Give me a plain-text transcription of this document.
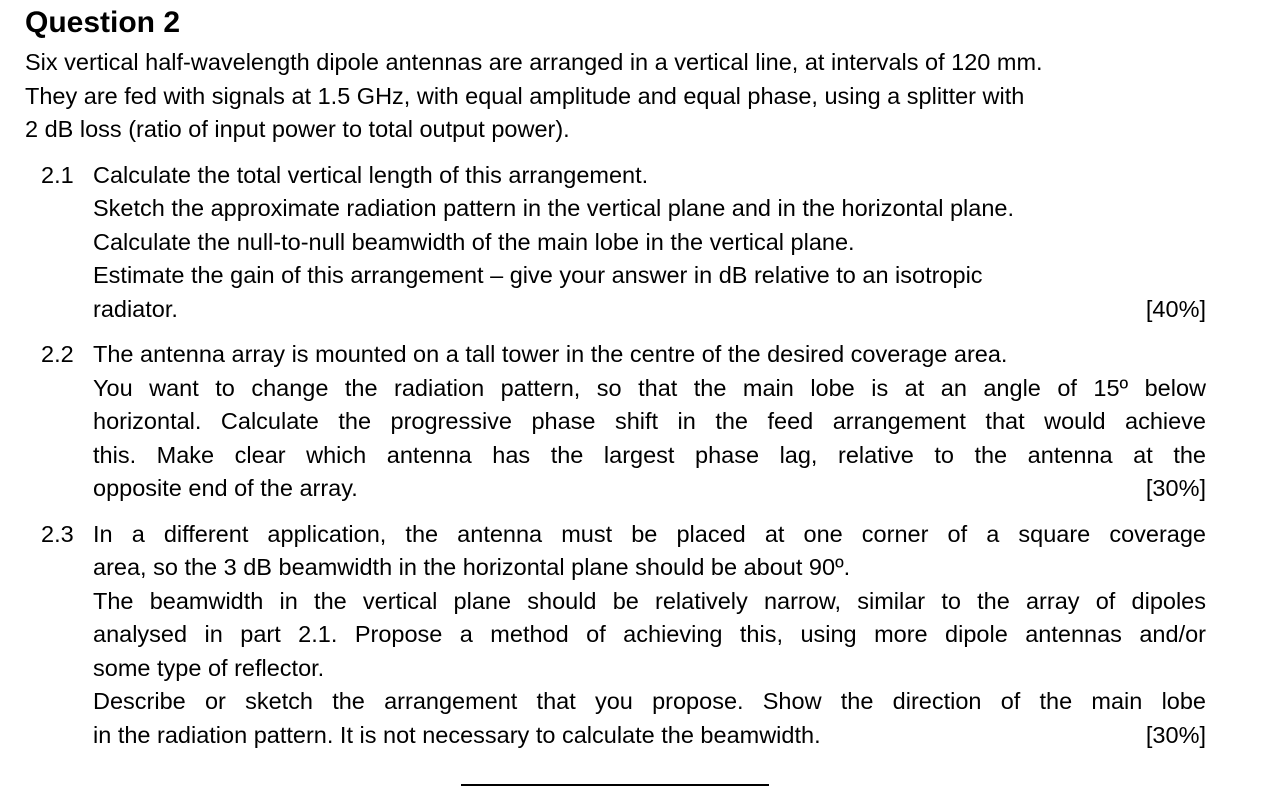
Question 2
Six vertical half-wavelength dipole antennas are arranged in a vertical line, at intervals of 120 mm.
They are fed with signals at 1.5 GHz, with equal amplitude and equal phase, using a splitter with
2 dB loss (ratio of input power to total output power).
2.1 Calculate the total vertical length of this arrangement.
Sketch the approximate radiation pattern in the vertical plane and in the horizontal plane.
Calculate the null-to-null beamwidth of the main lobe in the vertical plane.
Estimate the gain of this arrangement – give your answer in dB relative to an isotropic
radiator.	[40%]
2.2 The antenna array is mounted on a tall tower in the centre of the desired coverage area.
You want to change the radiation pattern, so that the main lobe is at an angle of 15º below
horizontal. Calculate the progressive phase shift in the feed arrangement that would achieve
this. Make clear which antenna has the largest phase lag, relative to the antenna at the
opposite end of the array.	[30%]
2.3 In a different application, the antenna must be placed at one corner of a square coverage
area, so the 3 dB beamwidth in the horizontal plane should be about 90º.
The beamwidth in the vertical plane should be relatively narrow, similar to the array of dipoles
analysed in part 2.1. Propose a method of achieving this, using more dipole antennas and/or
some type of reflector.
Describe or sketch the arrangement that you propose. Show the direction of the main lobe
in the radiation pattern. It is not necessary to calculate the beamwidth.	[30%]
